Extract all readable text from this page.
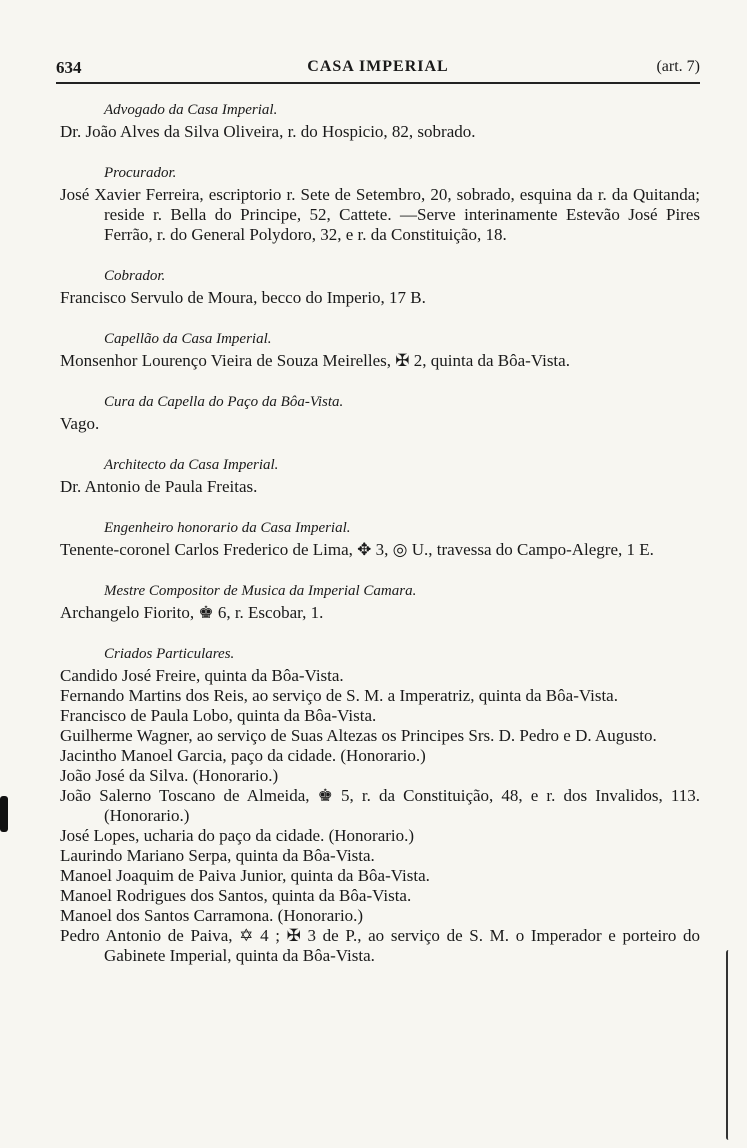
634	CASA IMPERIAL	(art. 7)

Advogado da Casa Imperial.

Dr. João Alves da Silva Oliveira, r. do Hospicio, 82, sobrado.

Procurador.

José Xavier Ferreira, escriptorio r. Sete de Setembro, 20, sobrado, esquina da r. da Quitanda; reside r. Bella do Principe, 52, Cattete. —Serve interinamente Estevão José Pires Ferrão, r. do General Polydoro, 32, e r. da Constituição, 18.

Cobrador.

Francisco Servulo de Moura, becco do Imperio, 17 B.

Capellão da Casa Imperial.

Monsenhor Lourenço Vieira de Souza Meirelles, ✠ 2, quinta da Bôa-Vista.

Cura da Capella do Paço da Bôa-Vista.

Vago.

Architecto da Casa Imperial.

Dr. Antonio de Paula Freitas.

Engenheiro honorario da Casa Imperial.

Tenente-coronel Carlos Frederico de Lima, ✥ 3, ◎ U., travessa do Campo-Alegre, 1 E.

Mestre Compositor de Musica da Imperial Camara.

Archangelo Fiorito, ♚ 6, r. Escobar, 1.

Criados Particulares.

Candido José Freire, quinta da Bôa-Vista.

Fernando Martins dos Reis, ao serviço de S. M. a Imperatriz, quinta da Bôa-Vista.

Francisco de Paula Lobo, quinta da Bôa-Vista.

Guilherme Wagner, ao serviço de Suas Altezas os Principes Srs. D. Pedro e D. Augusto.

Jacintho Manoel Garcia, paço da cidade. (Honorario.)

João José da Silva. (Honorario.)

João Salerno Toscano de Almeida, ♚ 5, r. da Constituição, 48, e r. dos Invalidos, 113. (Honorario.)

José Lopes, ucharia do paço da cidade. (Honorario.)

Laurindo Mariano Serpa, quinta da Bôa-Vista.

Manoel Joaquim de Paiva Junior, quinta da Bôa-Vista.

Manoel Rodrigues dos Santos, quinta da Bôa-Vista.

Manoel dos Santos Carramona. (Honorario.)

Pedro Antonio de Paiva, ✡ 4 ; ✠ 3 de P., ao serviço de S. M. o Imperador e porteiro do Gabinete Imperial, quinta da Bôa-Vista.
